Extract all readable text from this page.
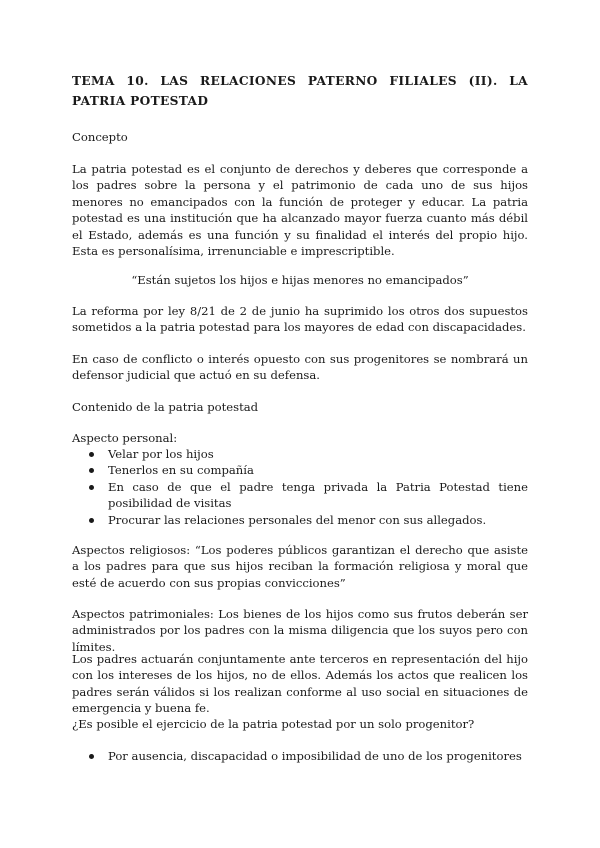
TEMA 10. LAS RELACIONES PATERNO FILIALES (II). LA PATRIA POTESTAD

Concepto

La patria potestad es el conjunto de derechos y deberes que corresponde a los padres sobre la persona y el patrimonio de cada uno de sus hijos menores no emancipados con la función de proteger y educar. La patria potestad es una institución que ha alcanzado mayor fuerza cuanto más débil el Estado, además es una función y su finalidad el interés del propio hijo. Esta es personalísima, irrenunciable e imprescriptible.

“Están sujetos los hijos e hijas menores no emancipados”

La reforma por ley 8/21 de 2 de junio ha suprimido los otros dos supuestos sometidos a la patria potestad para los mayores de edad con discapacidades.

En caso de conflicto o interés opuesto con sus progenitores se nombrará un defensor judicial que actuó en su defensa.

Contenido de la patria potestad

Aspecto personal:

Velar por los hijos
Tenerlos en su compañía
En caso de que el padre tenga privada la Patria Potestad tiene posibilidad de visitas
Procurar las relaciones personales del menor con sus allegados.

Aspectos religiosos: “Los poderes públicos garantizan el derecho que asiste a los padres para que sus hijos reciban la formación religiosa y moral que esté de acuerdo con sus propias convicciones”

Aspectos patrimoniales: Los bienes de los hijos como sus frutos deberán ser administrados por los padres con la misma diligencia que los suyos pero con límites.

Los padres actuarán conjuntamente ante terceros en representación del hijo con los intereses de los hijos, no de ellos. Además los actos que realicen los padres serán válidos si los realizan conforme al uso social en situaciones de emergencia y buena fe.

¿Es posible el ejercicio de la patria potestad por un solo progenitor?

Por ausencia, discapacidad o imposibilidad de uno de los progenitores
